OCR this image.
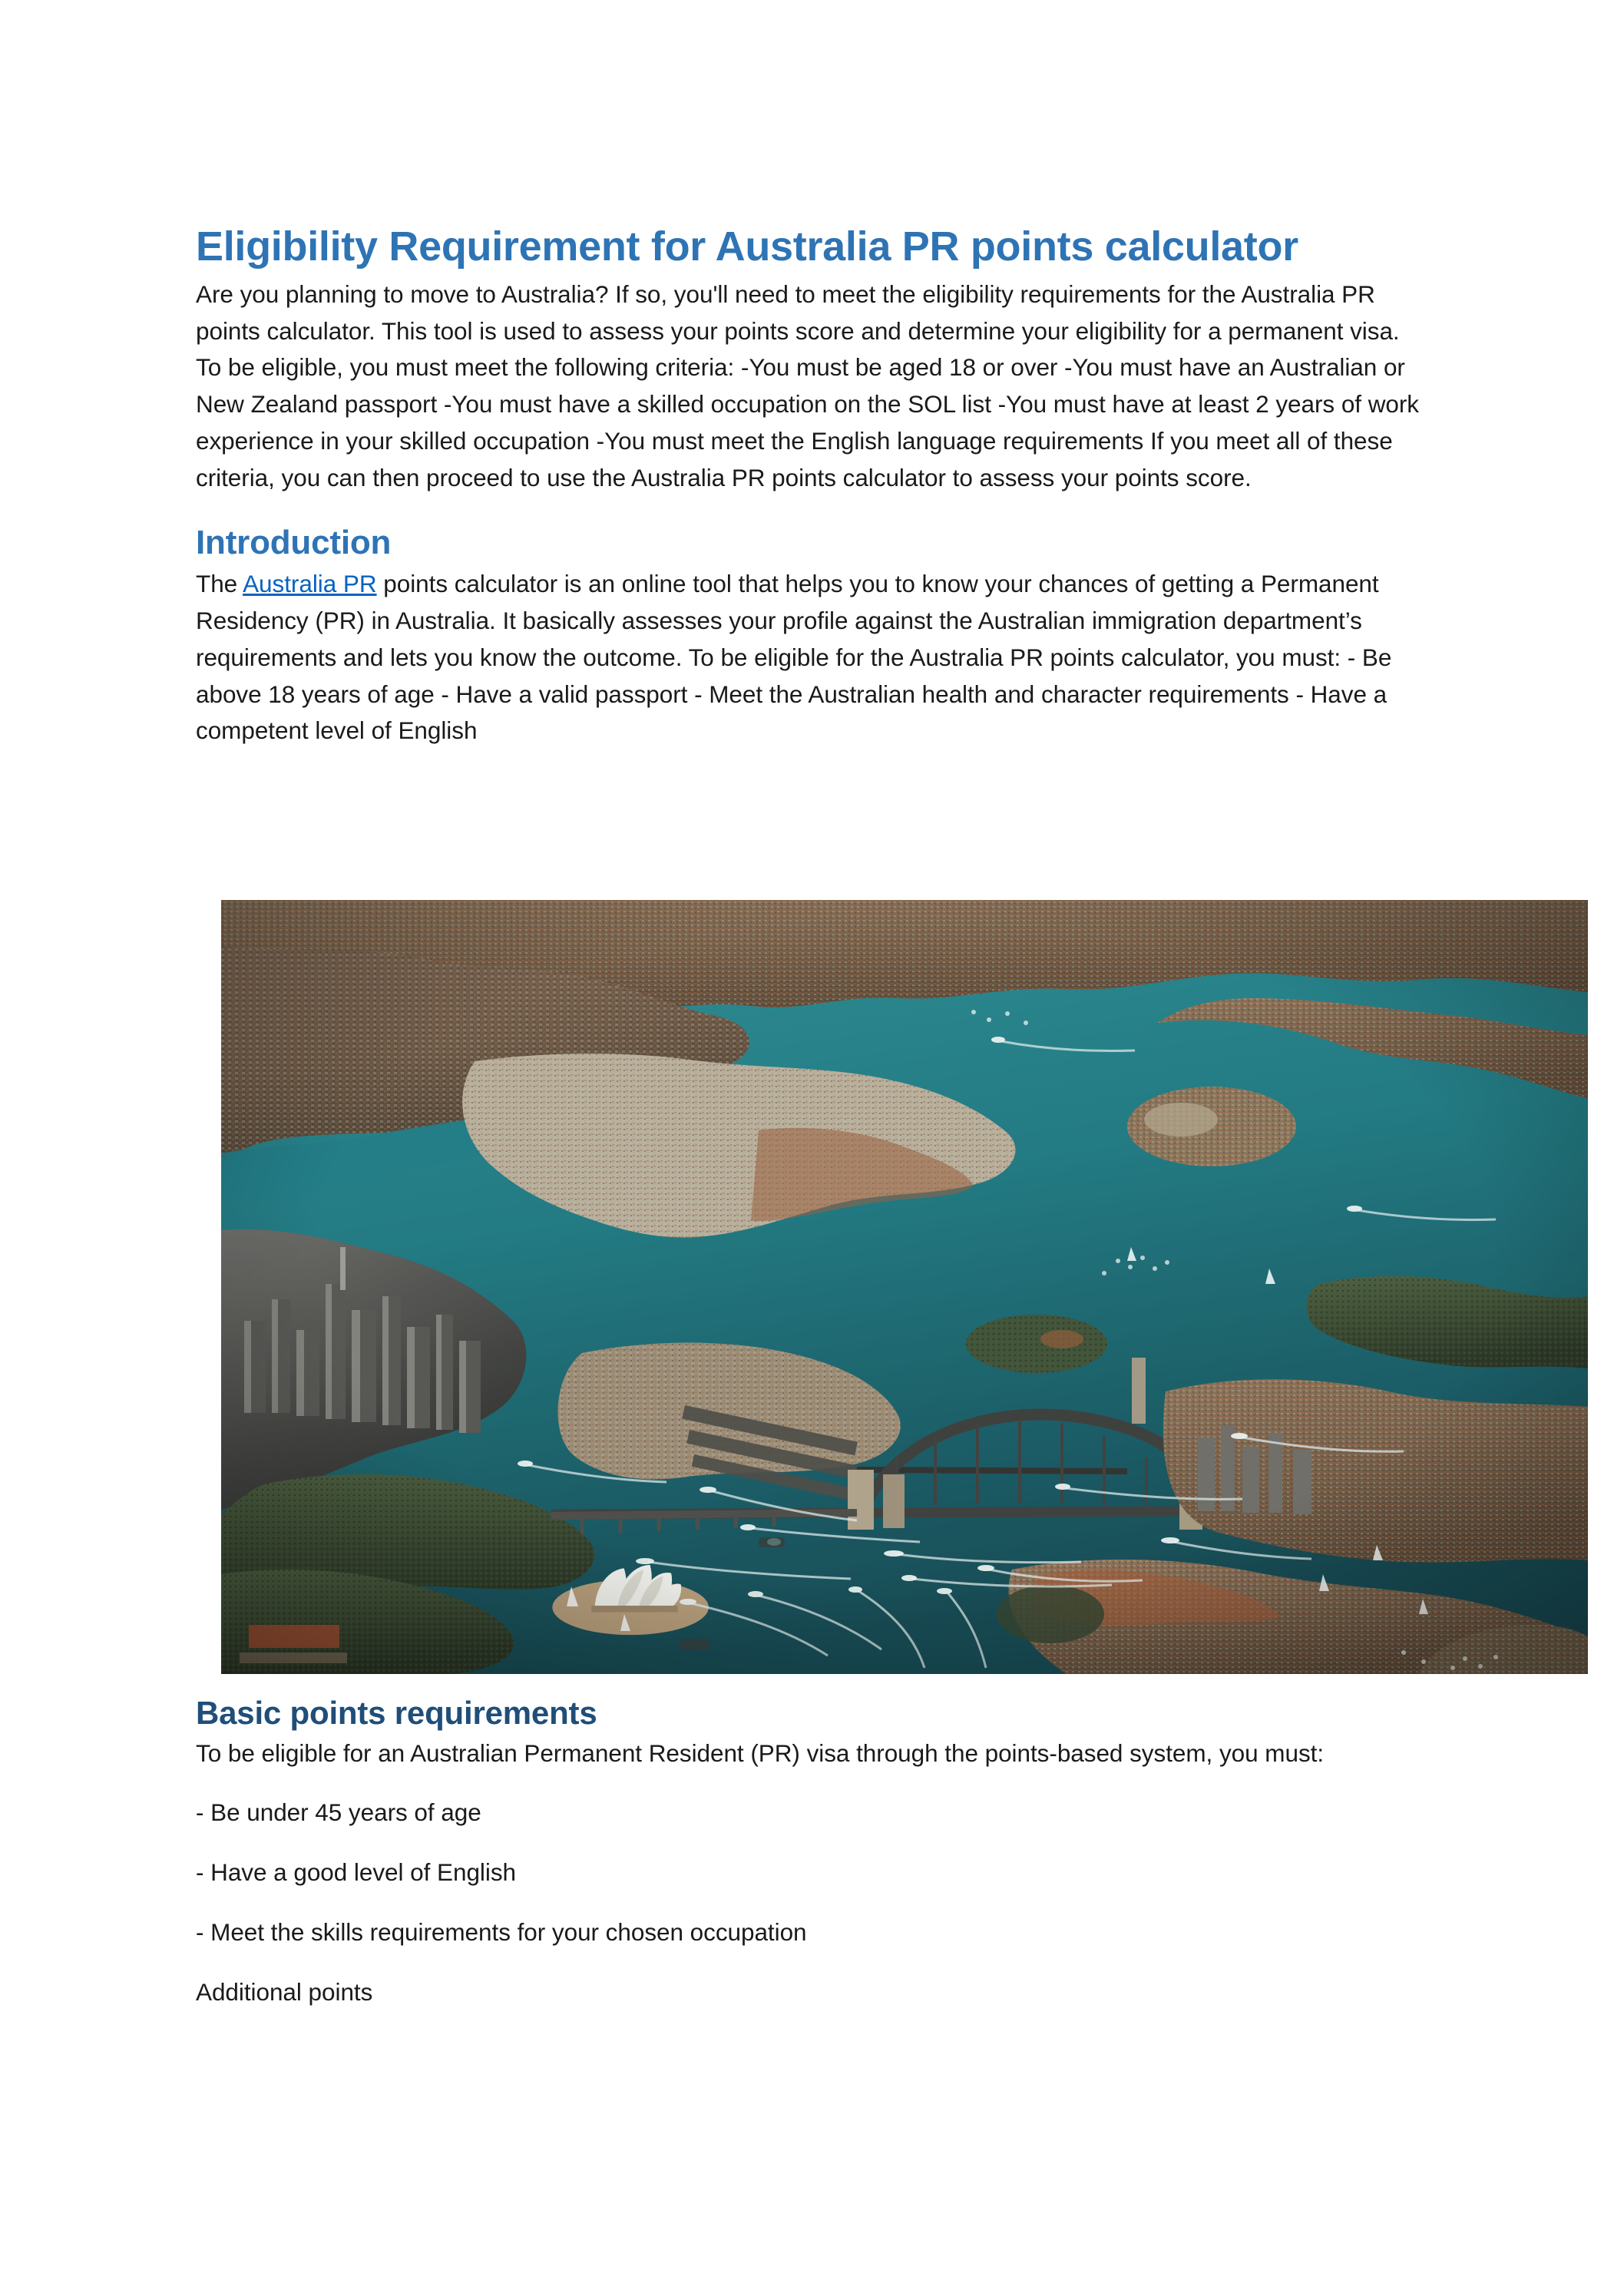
Eligibility Requirement for Australia PR points calculator

Are you planning to move to Australia? If so, you'll need to meet the eligibility requirements for the Australia PR points calculator. This tool is used to assess your points score and determine your eligibility for a permanent visa. To be eligible, you must meet the following criteria: -You must be aged 18 or over -You must have an Australian or New Zealand passport -You must have a skilled occupation on the SOL list -You must have at least 2 years of work experience in your skilled occupation -You must meet the English language requirements If you meet all of these criteria, you can then proceed to use the Australia PR points calculator to assess your points score.

Introduction

The Australia PR points calculator is an online tool that helps you to know your chances of getting a Permanent Residency (PR) in Australia. It basically assesses your profile against the Australian immigration department’s requirements and lets you know the outcome. To be eligible for the Australia PR points calculator, you must: - Be above 18 years of age - Have a valid passport - Meet the Australian health and character requirements - Have a competent level of English

Basic points requirements

To be eligible for an Australian Permanent Resident (PR) visa through the points-based system, you must:

- Be under 45 years of age

- Have a good level of English

- Meet the skills requirements for your chosen occupation

Additional points
